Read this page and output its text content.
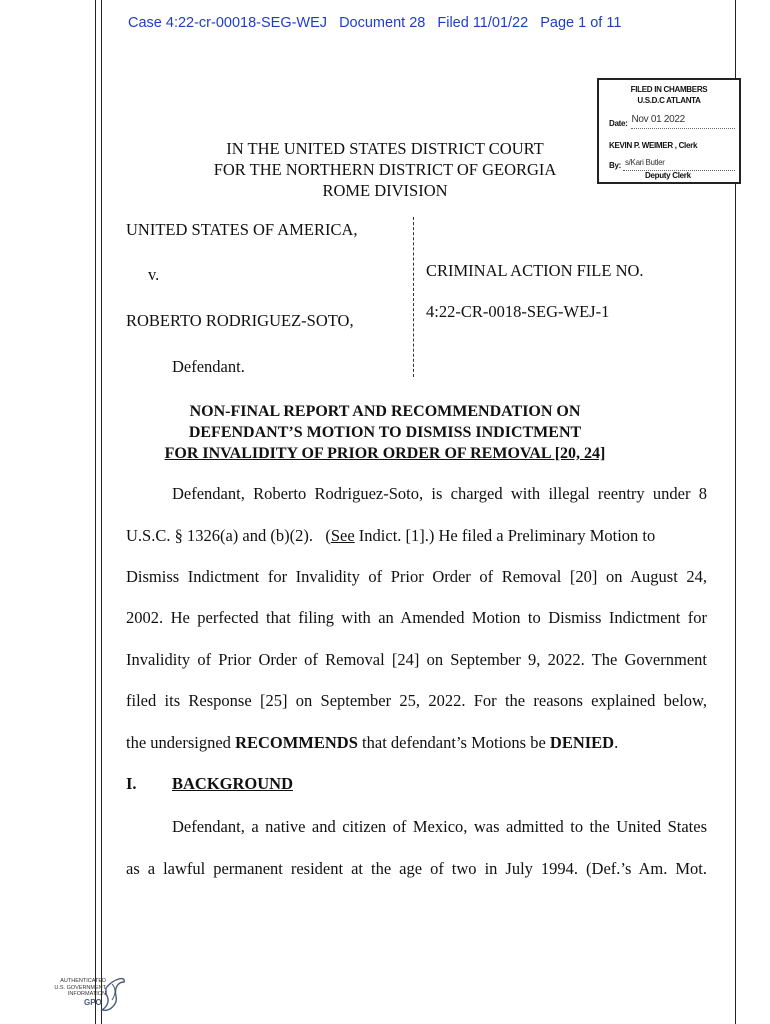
Case 4:22-cr-00018-SEG-WEJ Document 28 Filed 11/01/22 Page 1 of 11
FILED IN CHAMBERS
U.S.D.C ATLANTA
Date: Nov 01 2022
KEVIN P. WEIMER , Clerk
By: s/Kari Butler
Deputy Clerk
IN THE UNITED STATES DISTRICT COURT
FOR THE NORTHERN DISTRICT OF GEORGIA
ROME DIVISION
UNITED STATES OF AMERICA,
v.
ROBERTO RODRIGUEZ-SOTO,
Defendant.
CRIMINAL ACTION FILE NO.
4:22-CR-0018-SEG-WEJ-1
NON-FINAL REPORT AND RECOMMENDATION ON
DEFENDANT’S MOTION TO DISMISS INDICTMENT
FOR INVALIDITY OF PRIOR ORDER OF REMOVAL [20, 24]
Defendant, Roberto Rodriguez-Soto, is charged with illegal reentry under 8
U.S.C. § 1326(a) and (b)(2).   (See Indict. [1].) He filed a Preliminary Motion to
Dismiss Indictment for Invalidity of Prior Order of Removal [20] on August 24,
2002. He perfected that filing with an Amended Motion to Dismiss Indictment for
Invalidity of Prior Order of Removal [24] on September 9, 2022. The Government
filed its Response [25] on September 25, 2022. For the reasons explained below,
the undersigned RECOMMENDS that defendant’s Motions be DENIED.
I. BACKGROUND
Defendant, a native and citizen of Mexico, was admitted to the United States
as a lawful permanent resident at the age of two in July 1994. (Def.’s Am. Mot.
AUTHENTICATED
U.S. GOVERNMENT
INFORMATION
GPO
